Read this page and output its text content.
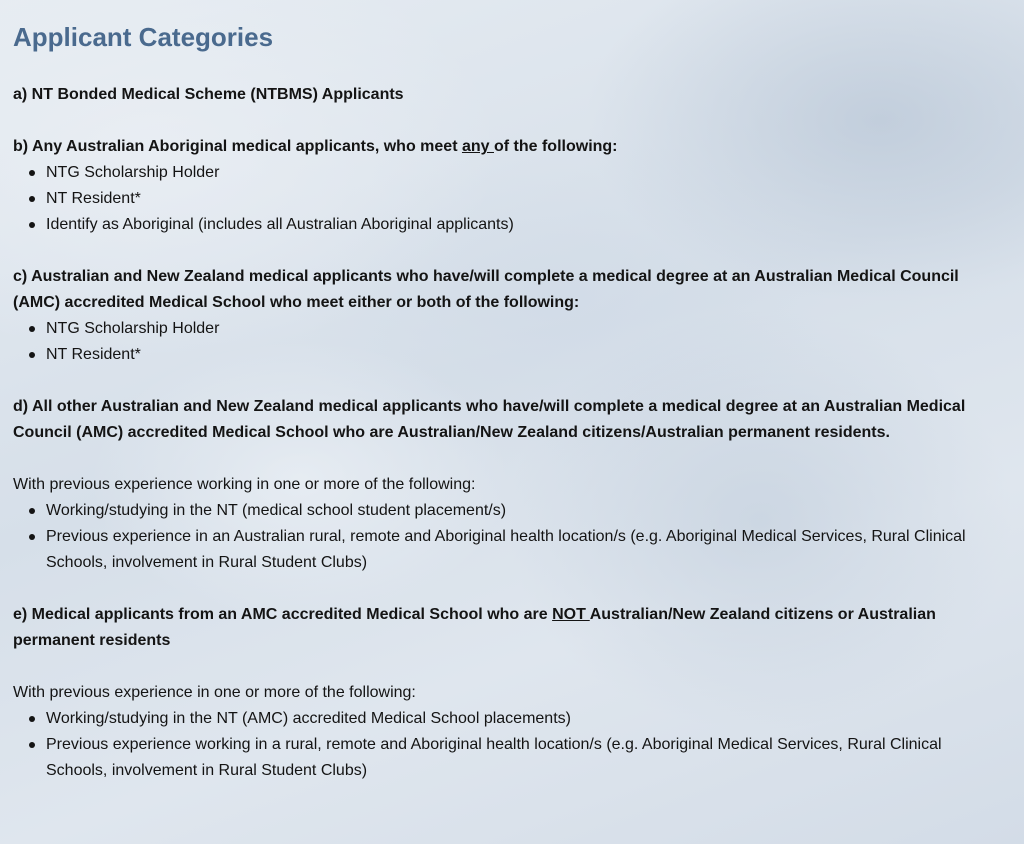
Applicant Categories

a) NT Bonded Medical Scheme (NTBMS) Applicants

b) Any Australian Aboriginal medical applicants, who meet any of the following:

NTG Scholarship Holder
NT Resident*
Identify as Aboriginal (includes all Australian Aboriginal applicants)

c) Australian and New Zealand medical applicants who have/will complete a medical degree at an Australian Medical Council (AMC) accredited Medical School who meet either or both of the following:

NTG Scholarship Holder
NT Resident*

d) All other Australian and New Zealand medical applicants who have/will complete a medical degree at an Australian Medical Council (AMC) accredited Medical School who are Australian/New Zealand citizens/Australian permanent residents.

With previous experience working in one or more of the following:

Working/studying in the NT (medical school student placement/s)
Previous experience in an Australian rural, remote and Aboriginal health location/s (e.g. Aboriginal Medical Services, Rural Clinical Schools, involvement in Rural Student Clubs)

e) Medical applicants from an AMC accredited Medical School who are NOT Australian/New Zealand citizens or Australian permanent residents

With previous experience in one or more of the following:

Working/studying in the NT (AMC) accredited Medical School placements)
Previous experience working in a rural, remote and Aboriginal health location/s (e.g. Aboriginal Medical Services, Rural Clinical Schools, involvement in Rural Student Clubs)
